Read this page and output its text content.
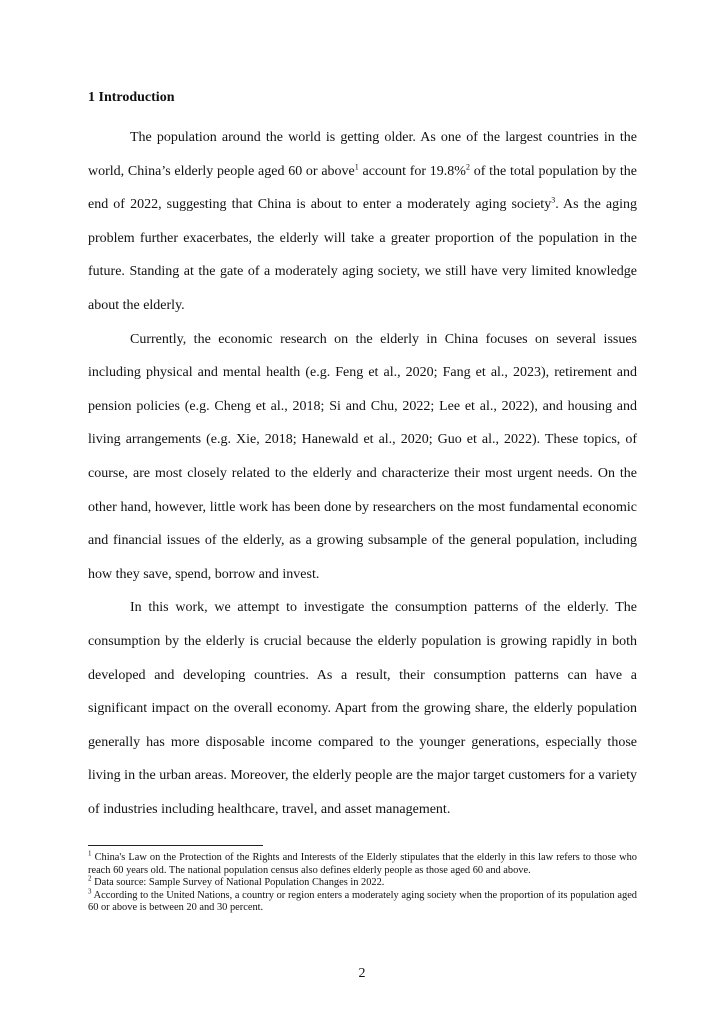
1 Introduction

The population around the world is getting older. As one of the largest countries in the world, China’s elderly people aged 60 or above$^1$ account for 19.8%$^2$ of the total population by the end of 2022, suggesting that China is about to enter a moderately aging society$^3$. As the aging problem further exacerbates, the elderly will take a greater proportion of the population in the future. Standing at the gate of a moderately aging society, we still have very limited knowledge about the elderly.

Currently, the economic research on the elderly in China focuses on several issues including physical and mental health (e.g. Feng et al., 2020; Fang et al., 2023), retirement and pension policies (e.g. Cheng et al., 2018; Si and Chu, 2022; Lee et al., 2022), and housing and living arrangements (e.g. Xie, 2018; Hanewald et al., 2020; Guo et al., 2022). These topics, of course, are most closely related to the elderly and characterize their most urgent needs. On the other hand, however, little work has been done by researchers on the most fundamental economic and financial issues of the elderly, as a growing subsample of the general population, including how they save, spend, borrow and invest.

In this work, we attempt to investigate the consumption patterns of the elderly. The consumption by the elderly is crucial because the elderly population is growing rapidly in both developed and developing countries. As a result, their consumption patterns can have a significant impact on the overall economy. Apart from the growing share, the elderly population generally has more disposable income compared to the younger generations, especially those living in the urban areas. Moreover, the elderly people are the major target customers for a variety of industries including healthcare, travel, and asset management.

$^1$ China's Law on the Protection of the Rights and Interests of the Elderly stipulates that the elderly in this law refers to those who reach 60 years old. The national population census also defines elderly people as those aged 60 and above.

$^2$ Data source: Sample Survey of National Population Changes in 2022.

$^3$ According to the United Nations, a country or region enters a moderately aging society when the proportion of its population aged 60 or above is between 20 and 30 percent.

2
